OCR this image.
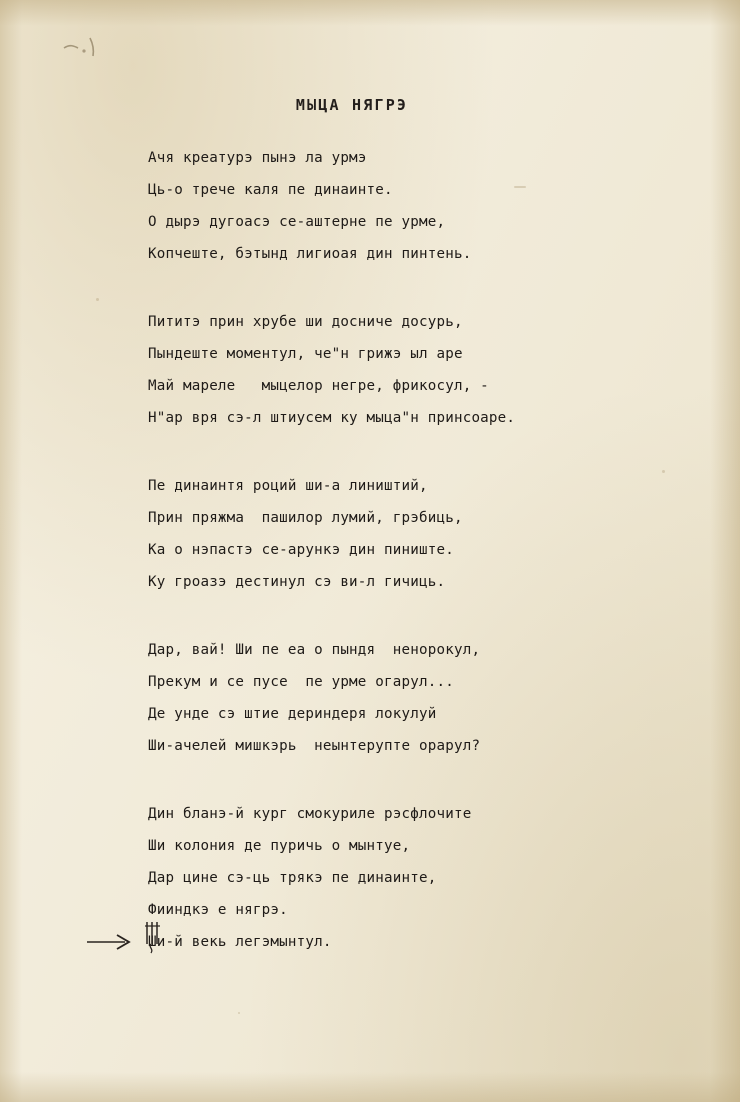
МЫЦА НЯГРЭ
Ачя креатурэ пынэ ла урмэ
Ць-о трече каля пе динаинте.
О дырэ дугоасэ се-аштерне пе урме,
Копчеште, бэтынд лигиоая дин пинтень.
Пититэ прин хрубе ши досниче досурь,
Пындеште моментул, че"н грижэ ыл аре
Май мареле   мыцелор негре, фрикосул, -
Н"ар вря сэ-л штиусем ку мыца"н принсоаре.
Пе динаинтя роций ши-а лиништий,
Прин пряжма  пашилор лумий, грэбиць,
Ка о нэпастэ се-арункэ дин пиниште.
Ку гроазэ дестинул сэ ви-л гичиць.
Дар, вай! Ши пе еа о пындя  ненорокул,
Прекум и се пусе  пе урме огарул...
Де унде сэ штие дериндеря локулуй
Ши-ачелей мишкэрь  неынтерупте орарул?
Дин бланэ-й кург смокуриле рэсфлочите
Ши колония де пуричь о мынтуе,
Дар цине сэ-ць трякэ пе динаинте,
Фииндкэ е нягрэ.
Ши-й векь легэмынтул.
